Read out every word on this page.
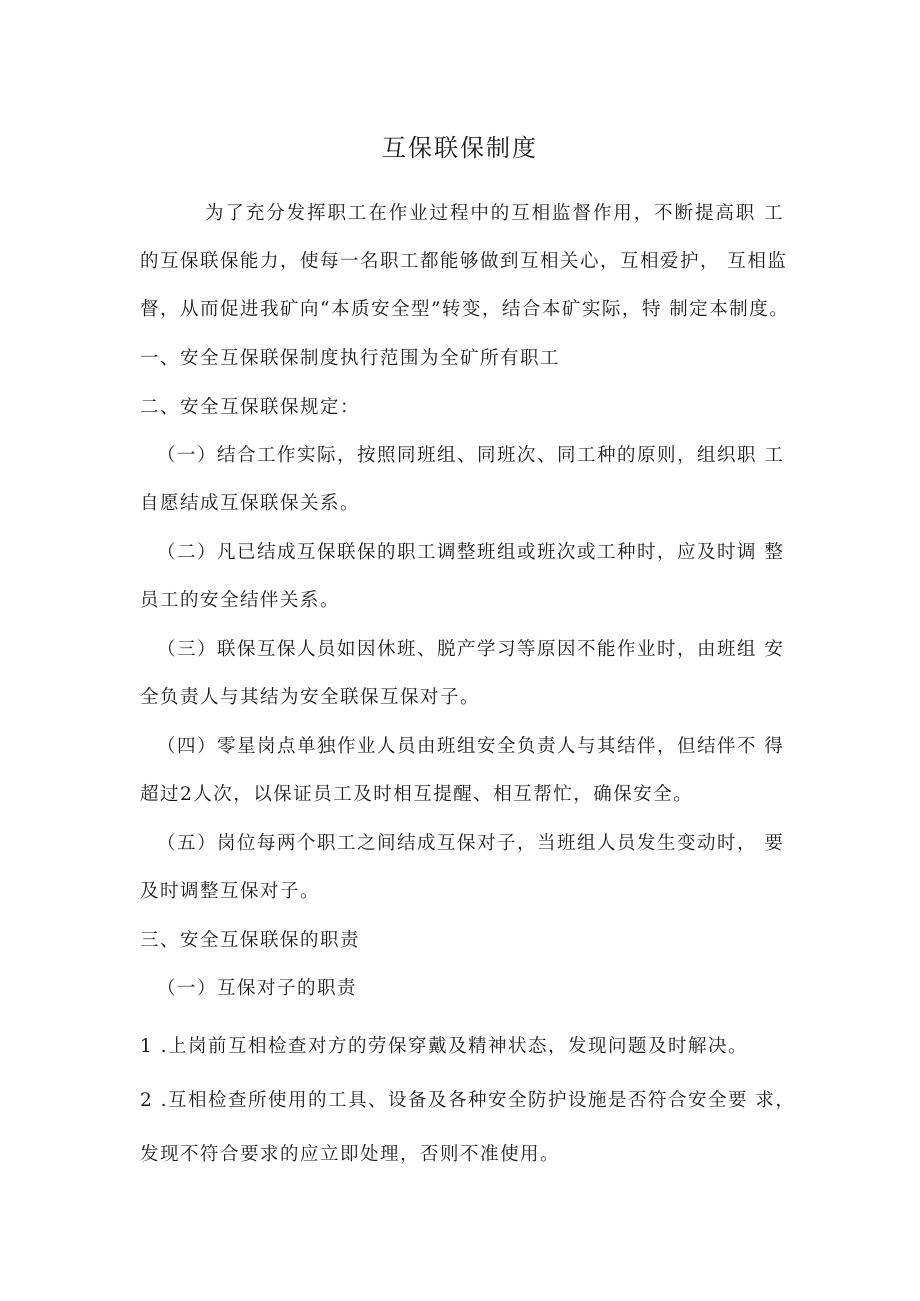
互保联保制度
为了充分发挥职工在作业过程中的互相监督作用，不断提高职 工
的互保联保能力，使每一名职工都能够做到互相关心，互相爱护， 互相监
督，从而促进我矿向“本质安全型”转变，结合本矿实际，特 制定本制度。
一、安全互保联保制度执行范围为全矿所有职工
二、安全互保联保规定：
（一）结合工作实际，按照同班组、同班次、同工种的原则，组织职 工
自愿结成互保联保关系。
（二）凡已结成互保联保的职工调整班组或班次或工种时，应及时调 整
员工的安全结伴关系。
（三）联保互保人员如因休班、脱产学习等原因不能作业时，由班组 安
全负责人与其结为安全联保互保对子。
（四）零星岗点单独作业人员由班组安全负责人与其结伴，但结伴不 得
超过2人次，以保证员工及时相互提醒、相互帮忙，确保安全。
（五）岗位每两个职工之间结成互保对子，当班组人员发生变动时， 要
及时调整互保对子。
三、安全互保联保的职责
（一）互保对子的职责
1 .上岗前互相检查对方的劳保穿戴及精神状态，发现问题及时解决。
2 .互相检查所使用的工具、设备及各种安全防护设施是否符合安全要 求，
发现不符合要求的应立即处理，否则不准使用。
